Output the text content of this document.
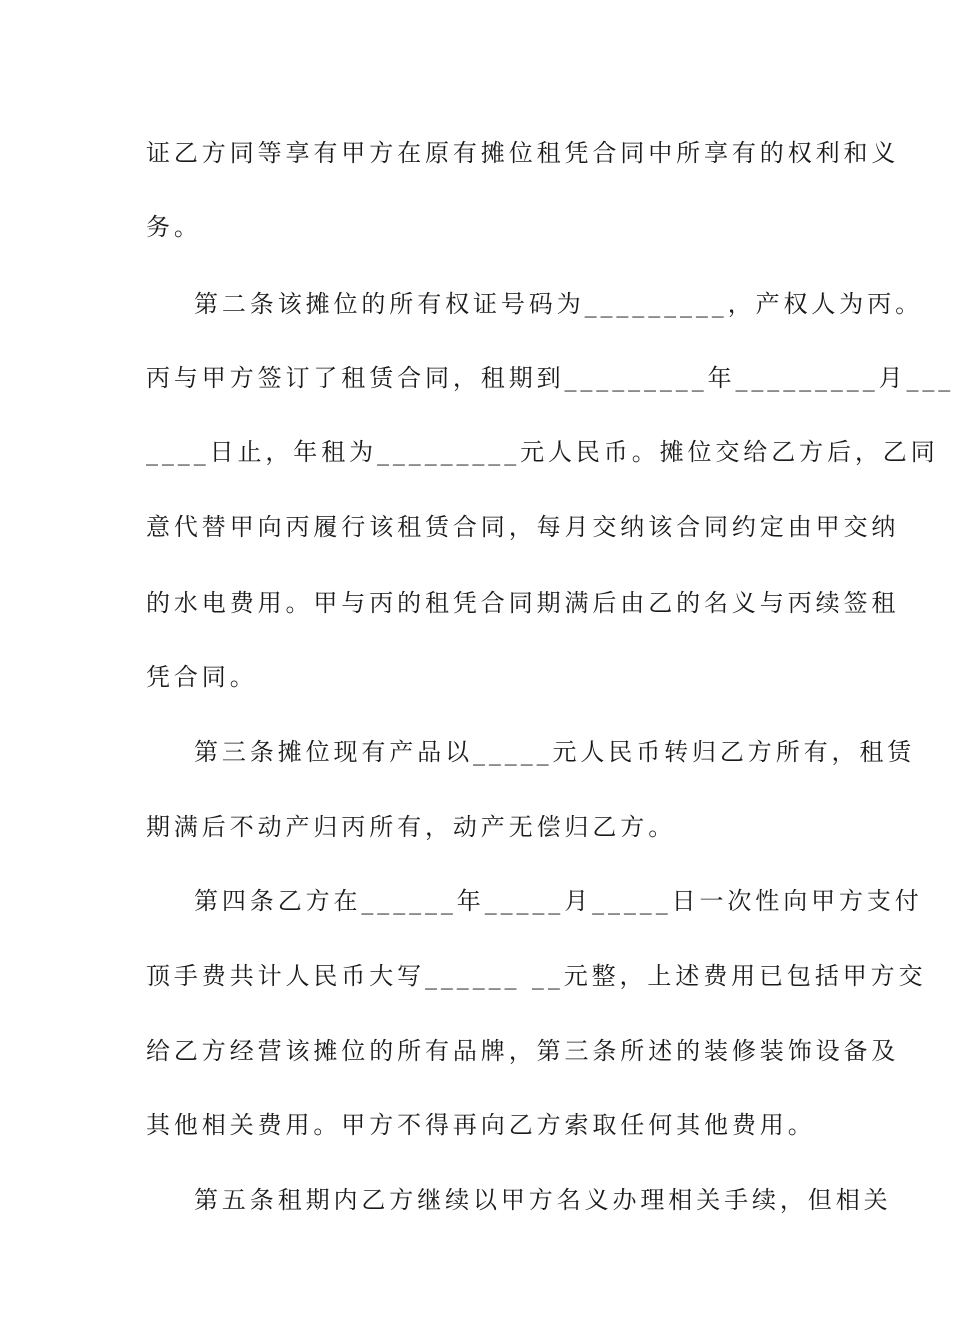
证乙方同等享有甲方在原有摊位租凭合同中所享有的权利和义
务。
第二条该摊位的所有权证号码为_________，产权人为丙。
丙与甲方签订了租赁合同，租期到_________年_________月___
____日止，年租为_________元人民币。摊位交给乙方后，乙同
意代替甲向丙履行该租赁合同，每月交纳该合同约定由甲交纳
的水电费用。甲与丙的租凭合同期满后由乙的名义与丙续签租
凭合同。
第三条摊位现有产品以_____元人民币转归乙方所有，租赁
期满后不动产归丙所有，动产无偿归乙方。
第四条乙方在______年_____月_____日一次性向甲方支付
顶手费共计人民币大写______ __元整，上述费用已包括甲方交
给乙方经营该摊位的所有品牌，第三条所述的装修装饰设备及
其他相关费用。甲方不得再向乙方索取任何其他费用。
第五条租期内乙方继续以甲方名义办理相关手续，但相关
